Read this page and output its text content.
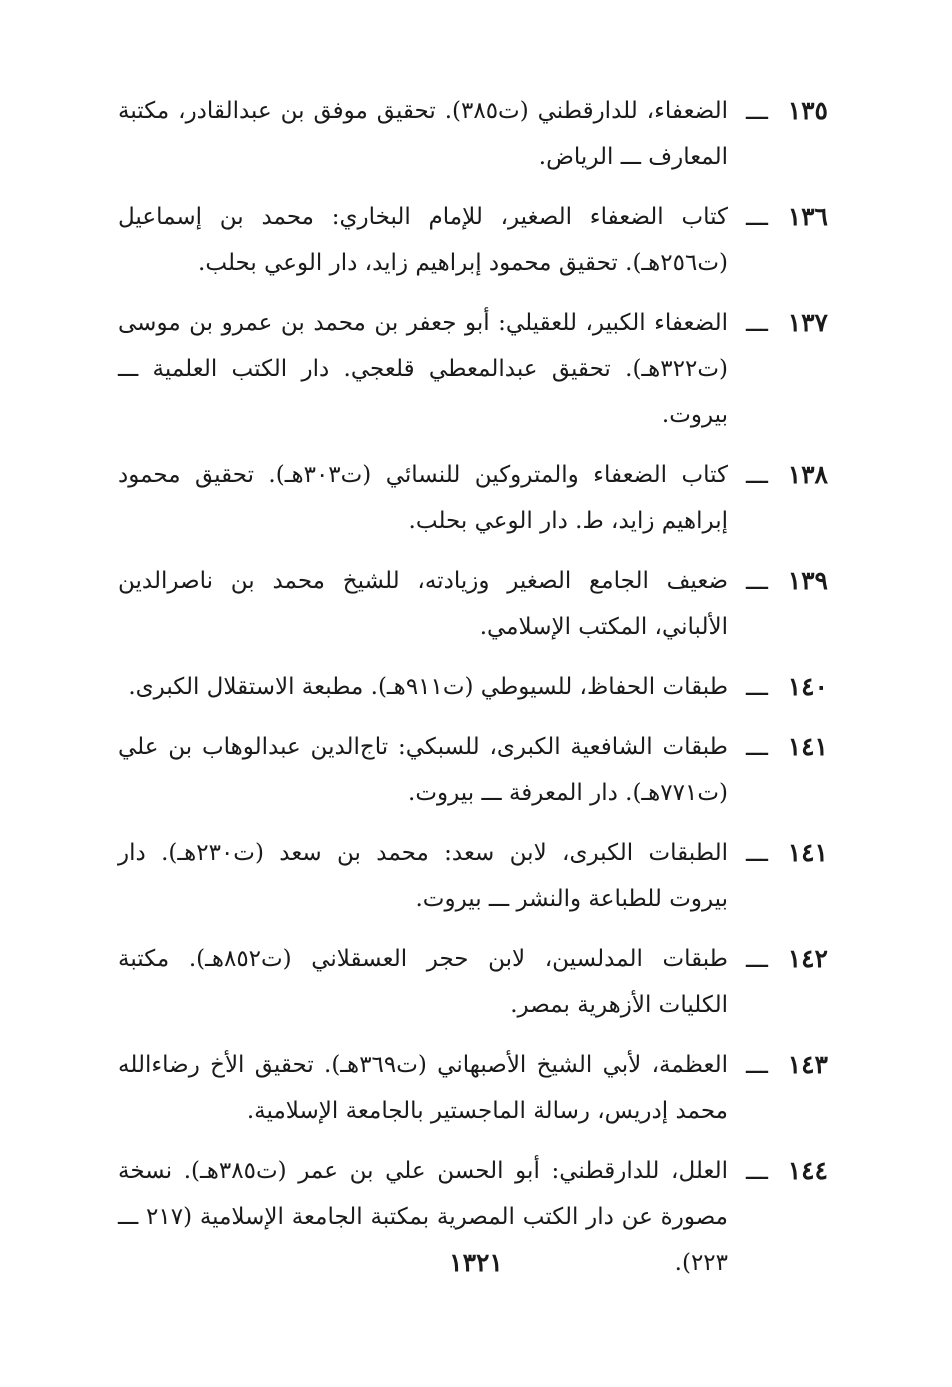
١٣٥
ـــ
الضعفاء، للدارقطني (ت٣٨٥). تحقيق موفق بن عبدالقادر، مكتبة المعارف ـــ الرياض.
١٣٦
ـــ
كتاب الضعفاء الصغير، للإمام البخاري: محمد بن إسماعيل (ت٢٥٦هـ). تحقيق محمود إبراهيم زايد، دار الوعي بحلب.
١٣٧
ـــ
الضعفاء الكبير، للعقيلي: أبو جعفر بن محمد بن عمرو بن موسى (ت٣٢٢هـ). تحقيق عبدالمعطي قلعجي. دار الكتب العلمية ـــ بيروت.
١٣٨
ـــ
كتاب الضعفاء والمتروكين للنسائي (ت٣٠٣هـ). تحقيق محمود إبراهيم زايد، ط. دار الوعي بحلب.
١٣٩
ـــ
ضعيف الجامع الصغير وزيادته، للشيخ محمد بن ناصرالدين الألباني، المكتب الإسلامي.
١٤٠
ـــ
طبقات الحفاظ، للسيوطي (ت٩١١هـ). مطبعة الاستقلال الكبرى.
١٤١
ـــ
طبقات الشافعية الكبرى، للسبكي: تاج‌الدين عبدالوهاب بن علي (ت٧٧١هـ). دار المعرفة ـــ بيروت.
١٤١
ـــ
الطبقات الكبرى، لابن سعد: محمد بن سعد (ت٢٣٠هـ). دار بيروت للطباعة والنشر ـــ بيروت.
١٤٢
ـــ
طبقات المدلسين، لابن حجر العسقلاني (ت٨٥٢هـ). مكتبة الكليات الأزهرية بمصر.
١٤٣
ـــ
العظمة، لأبي الشيخ الأصبهاني (ت٣٦٩هـ). تحقيق الأخ رضاءالله محمد إدريس، رسالة الماجستير بالجامعة الإسلامية.
١٤٤
ـــ
العلل، للدارقطني: أبو الحسن علي بن عمر (ت٣٨٥هـ). نسخة مصورة عن دار الكتب المصرية بمكتبة الجامعة الإسلامية (٢١٧ ـــ ٢٢٣).
١٣٢١
